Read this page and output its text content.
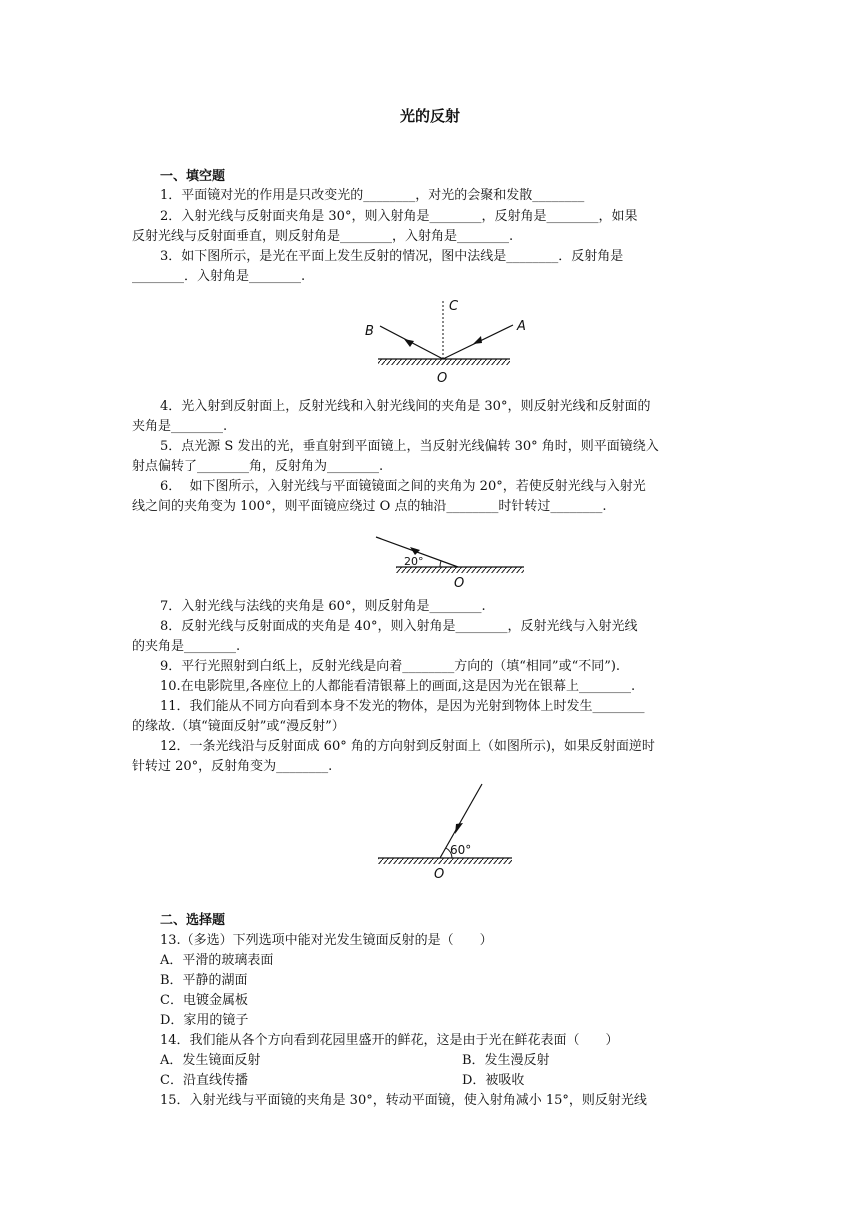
光的反射
一、填空题
1．平面镜对光的作用是只改变光的________，对光的会聚和发散________
2．入射光线与反射面夹角是 30°，则入射角是________，反射角是________，如果
反射光线与反射面垂直，则反射角是________，入射角是________.
3．如下图所示，是光在平面上发生反射的情况，图中法线是________．反射角是
________．入射角是________.
A
B
C
O
4．光入射到反射面上，反射光线和入射光线间的夹角是 30°，则反射光线和反射面的
夹角是________.
5．点光源 S 发出的光，垂直射到平面镜上，当反射光线偏转 30° 角时，则平面镜绕入
射点偏转了________角，反射角为________.
6．  如下图所示，入射光线与平面镜镜面之间的夹角为 20°，若使反射光线与入射光
线之间的夹角变为 100°，则平面镜应绕过 O 点的轴沿________时针转过________.
20°
O
7．入射光线与法线的夹角是 60°，则反射角是________.
8．反射光线与反射面成的夹角是 40°，则入射角是________，反射光线与入射光线
的夹角是________.
9．平行光照射到白纸上，反射光线是向着________方向的（填“相同”或“不同”).
10.在电影院里,各座位上的人都能看清银幕上的画面,这是因为光在银幕上________.
11．我们能从不同方向看到本身不发光的物体，是因为光射到物体上时发生________
的缘故.（填“镜面反射”或“漫反射”）
12．一条光线沿与反射面成 60° 角的方向射到反射面上（如图所示)，如果反射面逆时
针转过 20°，反射角变为________.
60°
O
二、选择题
13.（多选）下列选项中能对光发生镜面反射的是（　　）
A．平滑的玻璃表面
B．平静的湖面
C．电镀金属板
D．家用的镜子
14．我们能从各个方向看到花园里盛开的鲜花，这是由于光在鲜花表面（　　）
A．发生镜面反射	B．发生漫反射
C．沿直线传播	D．被吸收
15．入射光线与平面镜的夹角是 30°，转动平面镜，使入射角减小 15°，则反射光线
